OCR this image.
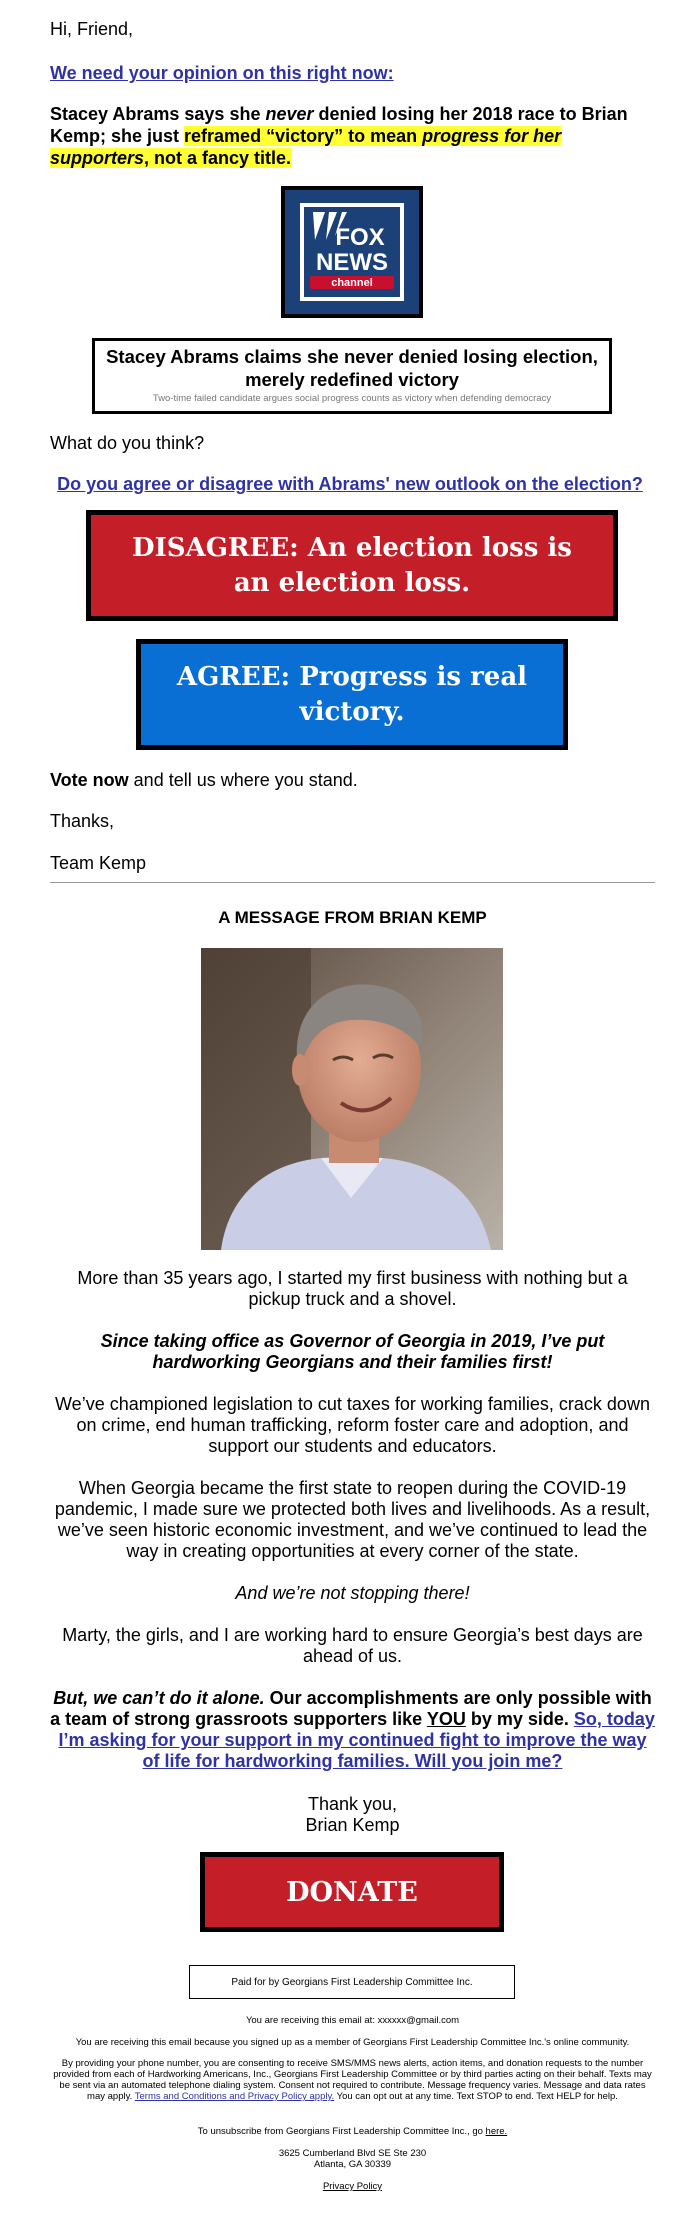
Hi, Friend,
We need your opinion on this right now:
Stacey Abrams says she never denied losing her 2018 race to Brian Kemp; she just reframed “victory” to mean progress for her supporters, not a fancy title.
FOX
NEWS
channel
Stacey Abrams claims she never denied losing election, merely redefined victory
Two-time failed candidate argues social progress counts as victory when defending democracy
What do you think?
Do you agree or disagree with Abrams' new outlook on the election?
DISAGREE: An election loss is an election loss.
AGREE: Progress is real victory.
Vote now and tell us where you stand.
Thanks,
Team Kemp
A MESSAGE FROM BRIAN KEMP
More than 35 years ago, I started my first business with nothing but a pickup truck and a shovel.
Since taking office as Governor of Georgia in 2019, I’ve put hardworking Georgians and their families first!
We’ve championed legislation to cut taxes for working families, crack down on crime, end human trafficking, reform foster care and adoption, and support our students and educators.
When Georgia became the first state to reopen during the COVID-19 pandemic, I made sure we protected both lives and livelihoods. As a result, we’ve seen historic economic investment, and we’ve continued to lead the way in creating opportunities at every corner of the state.
And we’re not stopping there!
Marty, the girls, and I are working hard to ensure Georgia’s best days are ahead of us.
But, we can’t do it alone. Our accomplishments are only possible with a team of strong grassroots supporters like YOU by my side. So, today I’m asking for your support in my continued fight to improve the way of life for hardworking families. Will you join me?
Thank you,
Brian Kemp
DONATE
Paid for by Georgians First Leadership Committee Inc.
You are receiving this email at: xxxxxx@gmail.com
You are receiving this email because you signed up as a member of Georgians First Leadership Committee Inc.'s online community.
By providing your phone number, you are consenting to receive SMS/MMS news alerts, action items, and donation requests to the number provided from each of Hardworking Americans, Inc., Georgians First Leadership Committee or by third parties acting on their behalf. Texts may be sent via an automated telephone dialing system. Consent not required to contribute. Message frequency varies. Message and data rates may apply. Terms and Conditions and Privacy Policy apply. You can opt out at any time. Text STOP to end. Text HELP for help.
To unsubscribe from Georgians First Leadership Committee Inc., go here.
3625 Cumberland Blvd SE Ste 230
Atlanta, GA 30339
Privacy Policy
